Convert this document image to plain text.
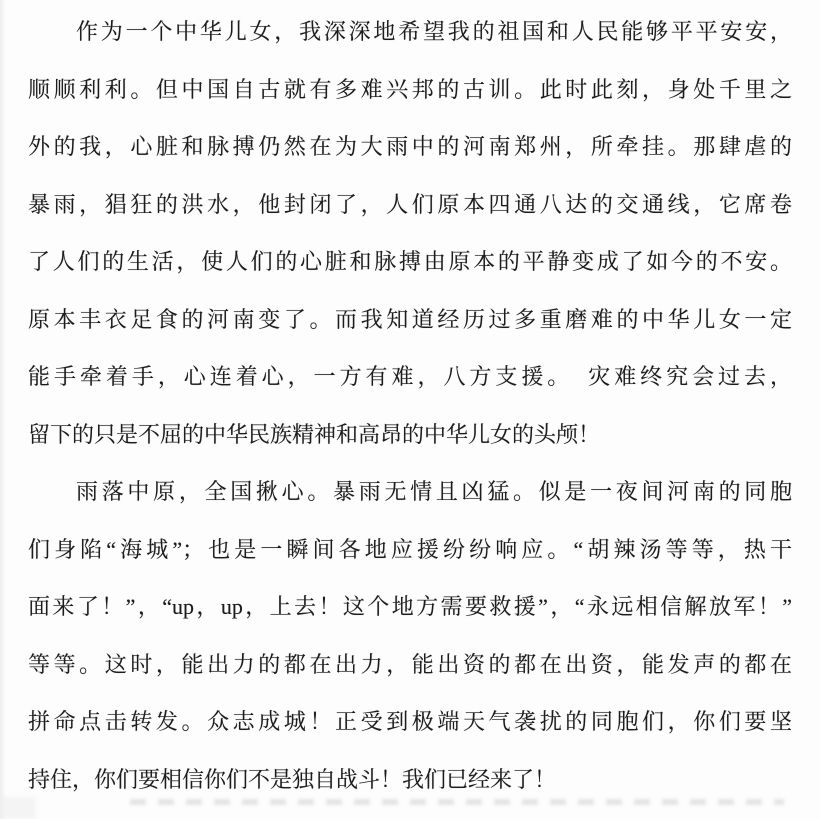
作为一个中华儿女，我深深地希望我的祖国和人民能够平平安安，
顺顺利利。但中国自古就有多难兴邦的古训。此时此刻，身处千里之
外的我，心脏和脉搏仍然在为大雨中的河南郑州，所牵挂。那肆虐的
暴雨，猖狂的洪水，他封闭了，人们原本四通八达的交通线，它席卷
了人们的生活，使人们的心脏和脉搏由原本的平静变成了如今的不安。
原本丰衣足食的河南变了。而我知道经历过多重磨难的中华儿女一定
能手牵着手，心连着心，一方有难，八方支援。　灾难终究会过去，
留下的只是不屈的中华民族精神和高昂的中华儿女的头颅！
雨落中原，全国揪心。暴雨无情且凶猛。似是一夜间河南的同胞
们身陷“海城”；也是一瞬间各地应援纷纷响应。“胡辣汤等等，热干
面来了！”，“up，up，上去！这个地方需要救援”，“永远相信解放军！”
等等。这时，能出力的都在出力，能出资的都在出资，能发声的都在
拼命点击转发。众志成城！正受到极端天气袭扰的同胞们，你们要坚
持住，你们要相信你们不是独自战斗！我们已经来了！
